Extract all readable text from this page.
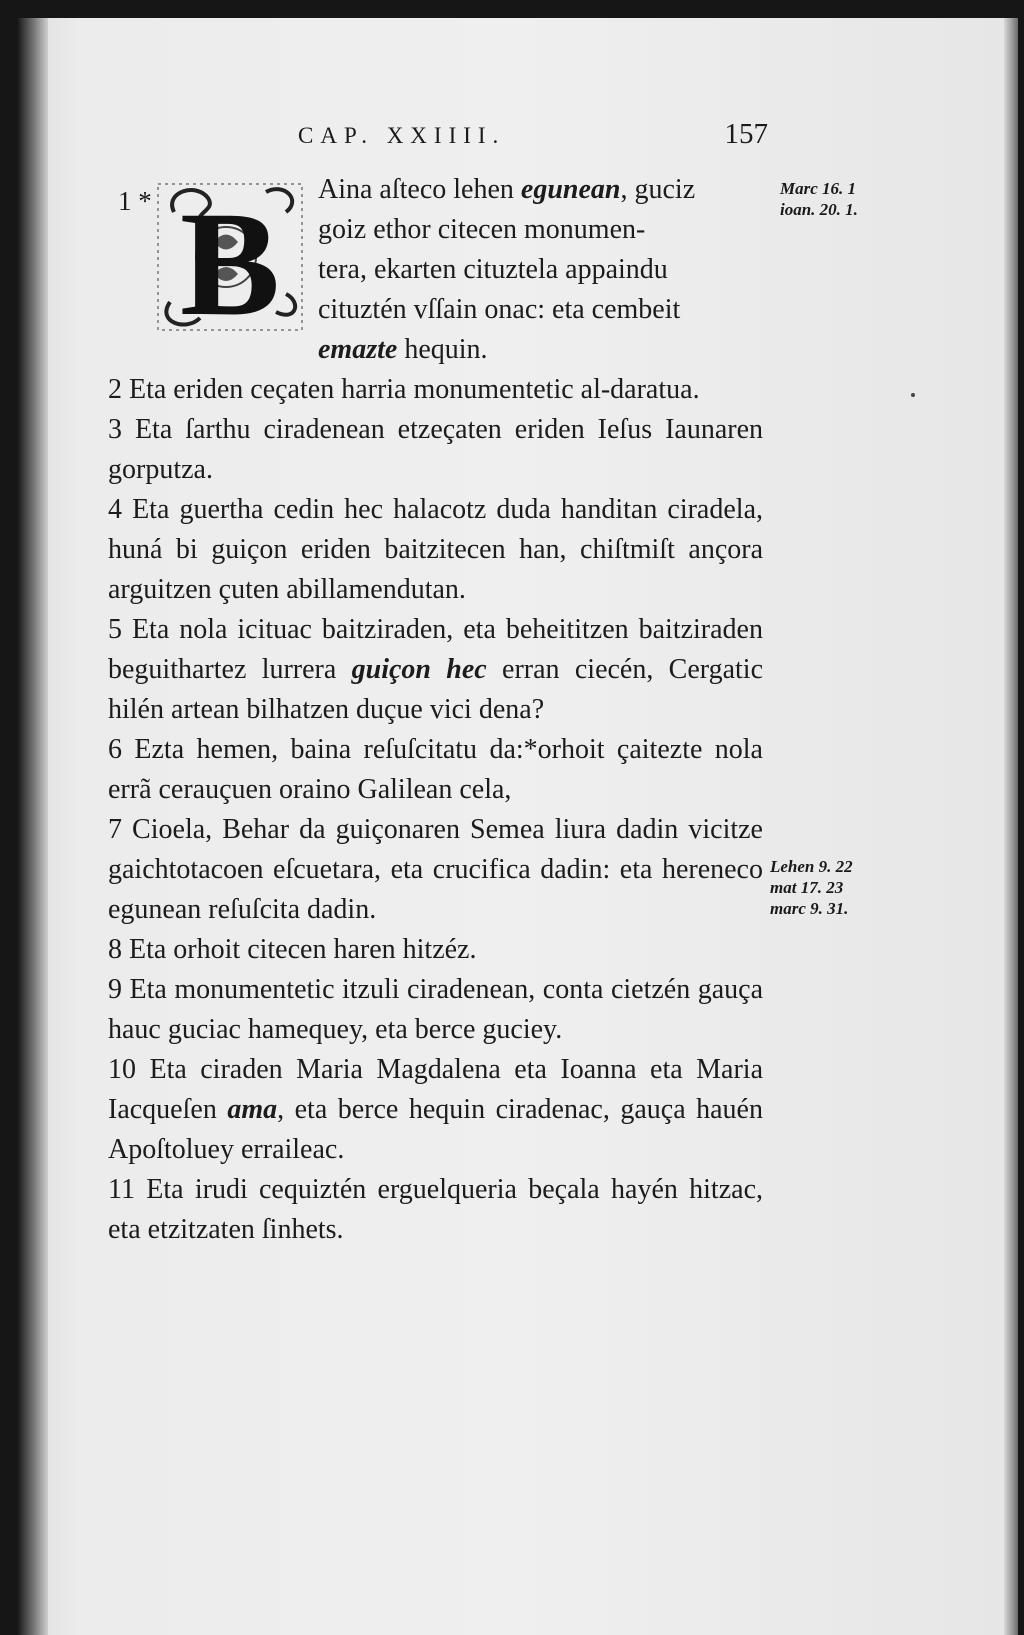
CAP. XXIIII.	157
1 * B Aina aſteco lehen egunean, guciz
goiz ethor citecen monumen-
tera, ekarten cituztela appaindu
cituztén vſſain onac: eta cembeit
emazte hequin.
Marc 16. 1
ioan. 20. 1.

2 Eta eriden ceçaten harria monumentetic al-daratua.

3 Eta ſarthu ciradenean etzeçaten eriden Ieſus Iaunaren gorputza.

4 Eta guertha cedin hec halacotz duda handitan ciradela, huná bi guiçon eriden baitzitecen han, chiſtmiſt ançora arguitzen çuten abillamendutan.

5 Eta nola icituac baitziraden, eta beheititzen baitziraden beguithartez lurrera guiçon hec erran ciecén, Cergatic hilén artean bilhatzen duçue vici dena?

6 Ezta hemen, baina reſuſcitatu da:*orhoit çaitezte nola errã cerauçuen oraino Galilean cela,

7 Cioela, Behar da guiçonaren Semea liura dadin vicitze gaichtotacoen eſcuetara, eta crucifica dadin: eta hereneco egunean reſuſcita dadin.

8 Eta orhoit citecen haren hitzéz.

9 Eta monumentetic itzuli ciradenean, conta cietzén gauça hauc guciac hamequey, eta berce guciey.

10 Eta ciraden Maria Magdalena eta Ioanna eta Maria Iacqueſen ama, eta berce hequin ciradenac, gauça hauén Apoſtoluey erraileac.

11 Eta irudi cequiztén erguelqueria beçala hayén hitzac, eta etzitzaten ſinhets.

Lehen 9. 22
mat 17. 23
marc 9. 31.
